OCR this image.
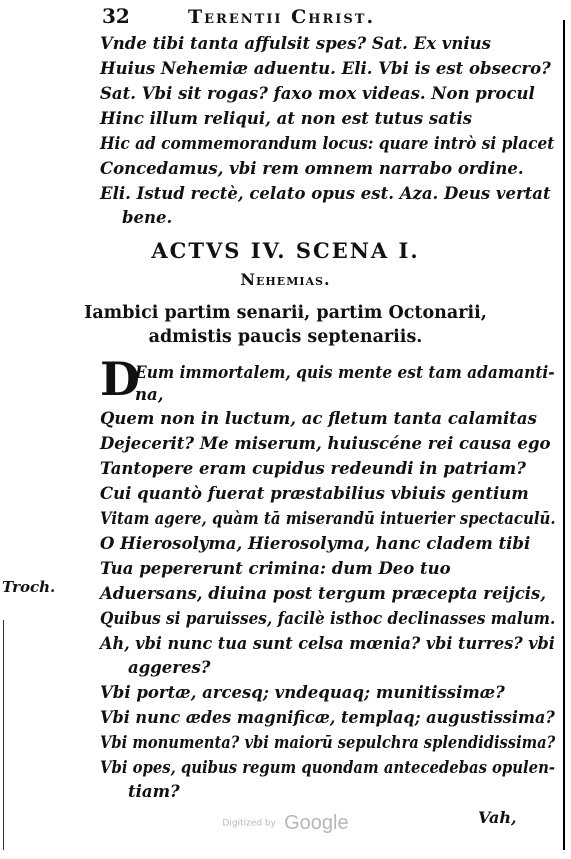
32	Terentii Christ.
Vnde tibi tanta affulsit spes? Sat. Ex vnius
Huius Nehemiæ aduentu. Eli. Vbi is est obsecro?
Sat. Vbi sit rogas? faxo mox videas. Non procul
Hinc illum reliqui, at non est tutus satis
Hic ad commemorandum locus: quare intrò si placet
Concedamus, vbi rem omnem narrabo ordine.
Eli. Istud rectè, celato opus est. Aza. Deus vertat
bene.
ACTVS IV. SCENA I.
Nehemias.
Iambici partim senarii, partim Octonarii,
admistis paucis septenariis.
D
Eum immortalem, quis mente est tam adamanti-
na,
Quem non in luctum, ac fletum tanta calamitas
Dejecerit? Me miserum, huiuscéne rei causa ego
Tantopere eram cupidus redeundi in patriam?
Cui quantò fuerat præstabilius vbiuis gentium
Vitam agere, quàm tā miserandū intuerier spectaculū.
O Hierosolyma, Hierosolyma, hanc cladem tibi
Tua pepererunt crimina: dum Deo tuo
Aduersans, diuina post tergum præcepta reijcis,
Quibus si paruisses, facilè isthoc declinasses malum.
Ah, vbi nunc tua sunt celsa mœnia? vbi turres? vbi
aggeres?
Vbi portæ, arcesq; vndequaq; munitissimæ?
Vbi nunc ædes magnificæ, templaq; augustissima?
Vbi monumenta? vbi maiorū sepulchra splendidissima?
Vbi opes, quibus regum quondam antecedebas opulen-
tiam?
Troch.
Digitized by Google	Vah,
